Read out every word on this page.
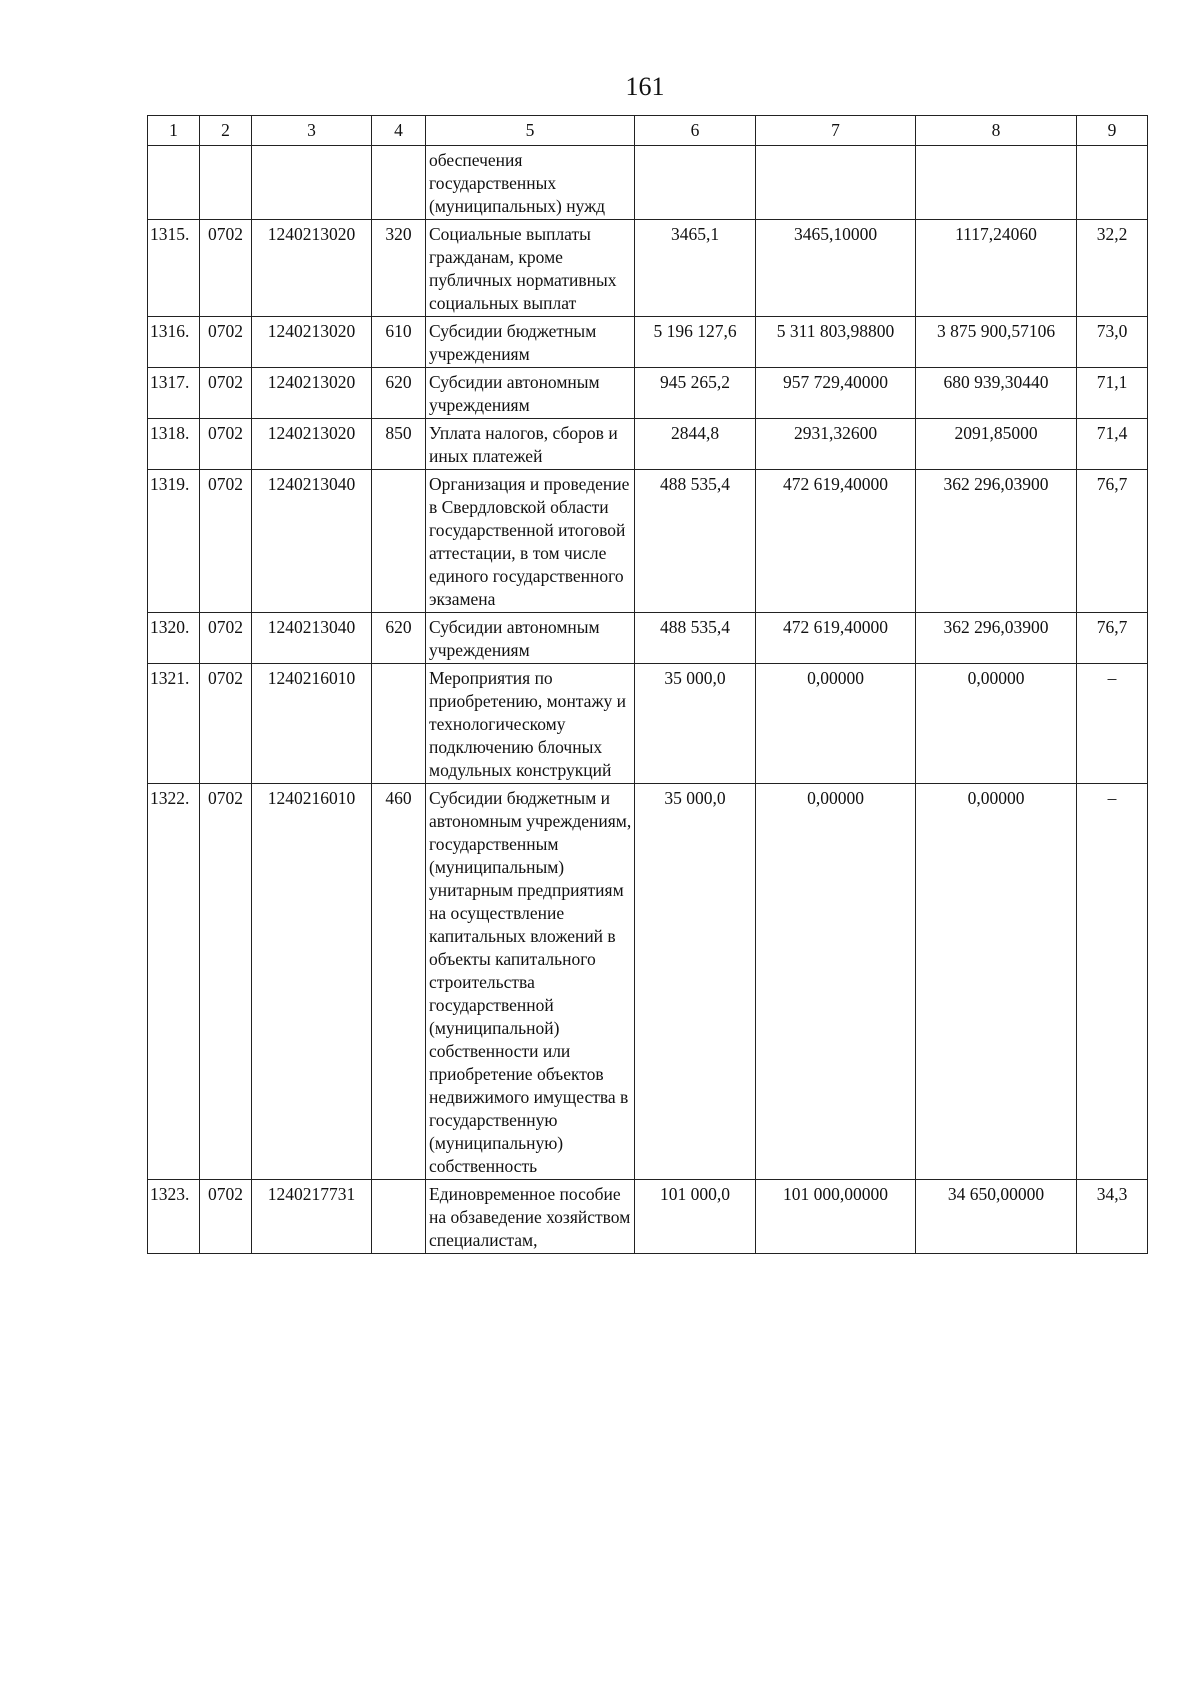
161
1	2	3	4	5	6	7	8	9
				обеспечения государственных (муниципальных) нужд				
1315.	0702	1240213020	320	Социальные выплаты гражданам, кроме публичных нормативных социальных выплат	3465,1	3465,10000	1117,24060	32,2
1316.	0702	1240213020	610	Субсидии бюджетным учреждениям	5 196 127,6	5 311 803,98800	3 875 900,57106	73,0
1317.	0702	1240213020	620	Субсидии автономным учреждениям	945 265,2	957 729,40000	680 939,30440	71,1
1318.	0702	1240213020	850	Уплата налогов, сборов и иных платежей	2844,8	2931,32600	2091,85000	71,4
1319.	0702	1240213040		Организация и проведение в Свердловской области государственной итоговой аттестации, в том числе единого государственного экзамена	488 535,4	472 619,40000	362 296,03900	76,7
1320.	0702	1240213040	620	Субсидии автономным учреждениям	488 535,4	472 619,40000	362 296,03900	76,7
1321.	0702	1240216010		Мероприятия по приобретению, монтажу и технологическому подключению блочных модульных конструкций	35 000,0	0,00000	0,00000	–
1322.	0702	1240216010	460	Субсидии бюджетным и автономным учреждениям, государственным (муниципальным) унитарным предприятиям на осуществление капитальных вложений в объекты капитального строительства государственной (муниципальной) собственности или приобретение объектов недвижимого имущества в государственную (муниципальную) собственность	35 000,0	0,00000	0,00000	–
1323.	0702	1240217731		Единовременное пособие на обзаведение хозяйством специалистам,	101 000,0	101 000,00000	34 650,00000	34,3
